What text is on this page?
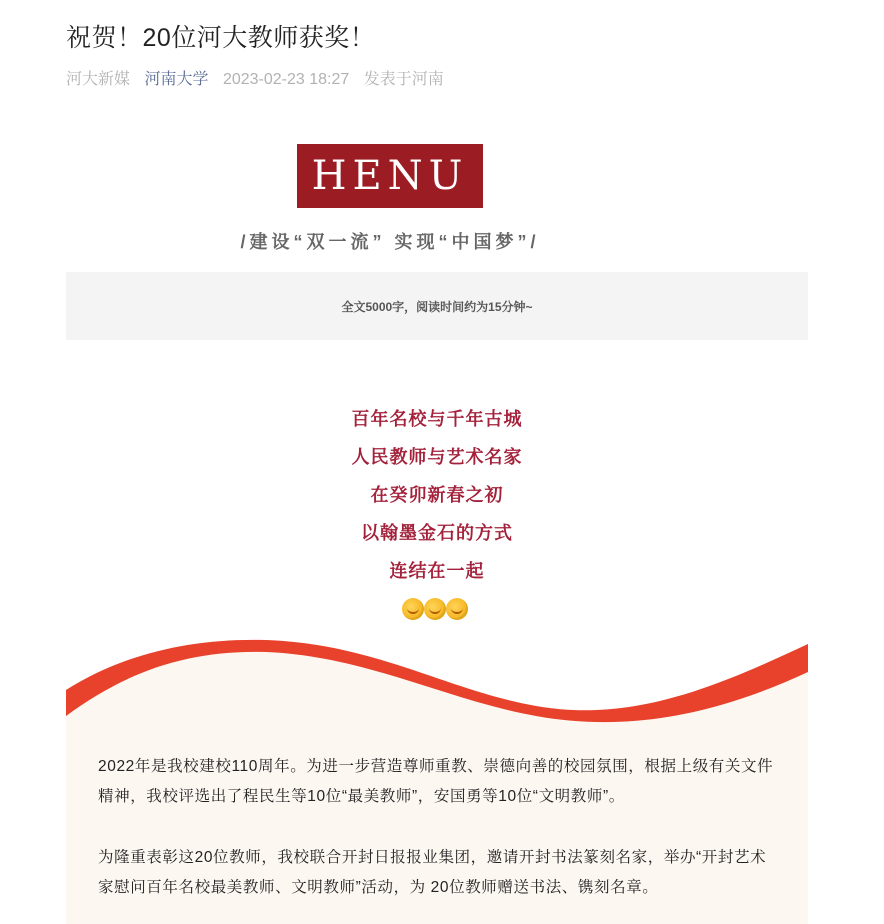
祝贺！20位河大教师获奖！
河大新媒 河南大学 2023-02-23 18:27 发表于河南
HENU
/建设“双一流” 实现“中国梦”/
全文5000字，阅读时间约为15分钟~
百年名校与千年古城
人民教师与艺术名家
在癸卯新春之初
以翰墨金石的方式
连结在一起

2022年是我校建校110周年。为进一步营造尊师重教、崇德向善的校园氛围，根据上级有关文件精神，我校评选出了程民生等10位“最美教师”，安国勇等10位“文明教师”。

为隆重表彰这20位教师，我校联合开封日报报业集团，邀请开封书法篆刻名家，举办“开封艺术家慰问百年名校最美教师、文明教师”活动，为 20位教师赠送书法、镌刻名章。
